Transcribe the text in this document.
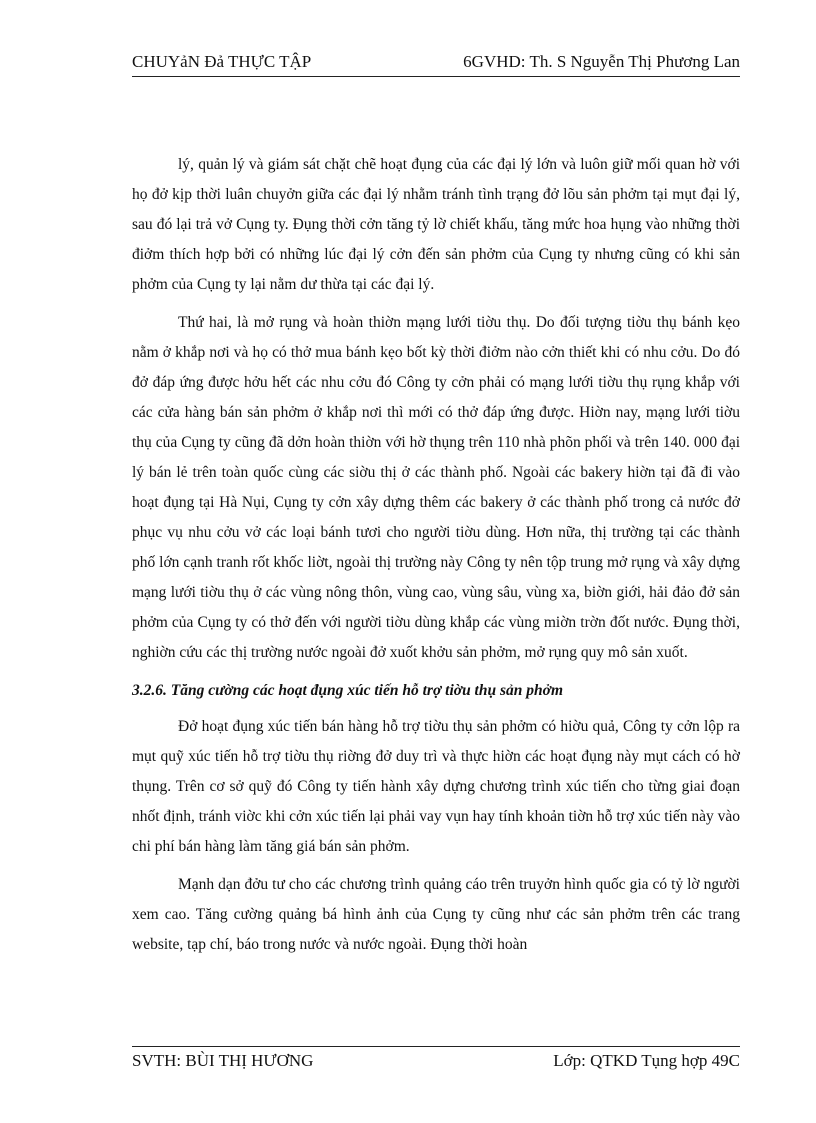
CHUYảN Đả THỰC TẬP	6GVHD: Th. S Nguyễn Thị Phương Lan

lý, quản lý và giám sát chặt chẽ hoạt đụng của các đại lý lớn và luôn giữ mối quan hờ với họ đở kịp thời luân chuyởn giữa các đại lý nhằm tránh tình trạng đở lõu sản phởm tại mụt đại lý, sau đó lại trả vở Cụng ty. Đụng thời cởn tăng tỷ lờ chiết khấu, tăng mức hoa hụng vào những thời điởm thích hợp bởi có những lúc đại lý cởn đến sản phởm của Cụng ty nhưng cũng có khi sản phởm của Cụng ty lại nằm dư thừa tại các đại lý.

Thứ hai, là mở rụng và hoàn thiờn mạng lưới tiờu thụ. Do đối tượng tiờu thụ bánh kẹo nằm ở khắp nơi và họ có thở mua bánh kẹo bốt kỳ thời điởm nào cởn thiết khi có nhu cởu. Do đó đở đáp ứng được hởu hết các nhu cởu đó Công ty cởn phải có mạng lưới tiờu thụ rụng khắp với các cửa hàng bán sản phởm ở khắp nơi thì mới có thở đáp ứng được. Hiờn nay, mạng lưới tiờu thụ của Cụng ty cũng đã dởn hoàn thiờn với hờ thụng trên 110 nhà phõn phối và trên 140. 000 đại lý bán lẻ trên toàn quốc cùng các siờu thị ở các thành phố. Ngoài các bakery hiờn tại đã đi vào hoạt đụng tại Hà Nụi, Cụng ty cởn xây dựng thêm các bakery ở các thành phố trong cả nước đở phục vụ nhu cởu vở các loại bánh tươi cho người tiờu dùng. Hơn nữa, thị trường tại các thành phố lớn cạnh tranh rốt khốc liờt, ngoài thị trường này Công ty nên tộp trung mở rụng và xây dựng mạng lưới tiờu thụ ở các vùng nông thôn, vùng cao, vùng sâu, vùng xa, biờn giới, hải đảo đở sản phởm của Cụng ty có thở đến với người tiờu dùng khắp các vùng miờn trờn đốt nước. Đụng thời, nghiờn cứu các thị trường nước ngoài đở xuốt khởu sản phởm, mở rụng quy mô sản xuốt.

3.2.6. Tăng cường các hoạt đụng xúc tiến hỗ trợ tiờu thụ sản phởm

Đở hoạt đụng xúc tiến bán hàng hỗ trợ tiờu thụ sản phởm có hiờu quả, Công ty cởn lộp ra mụt quỹ xúc tiến hỗ trợ tiờu thụ riờng đở duy trì và thực hiờn các hoạt đụng này mụt cách có hờ thụng. Trên cơ sở quỹ đó Công ty tiến hành xây dựng chương trình xúc tiến cho từng giai đoạn nhốt định, tránh viờc khi cởn xúc tiến lại phải vay vụn hay tính khoản tiờn hỗ trợ xúc tiến này vào chi phí bán hàng làm tăng giá bán sản phởm.

Mạnh dạn đởu tư cho các chương trình quảng cáo trên truyởn hình quốc gia có tỷ lờ người xem cao. Tăng cường quảng bá hình ảnh của Cụng ty cũng như các sản phởm trên các trang website, tạp chí, báo trong nước và nước ngoài. Đụng thời hoàn

SVTH: BÙI THỊ HƯƠNG	Lớp: QTKD Tụng hợp 49C
